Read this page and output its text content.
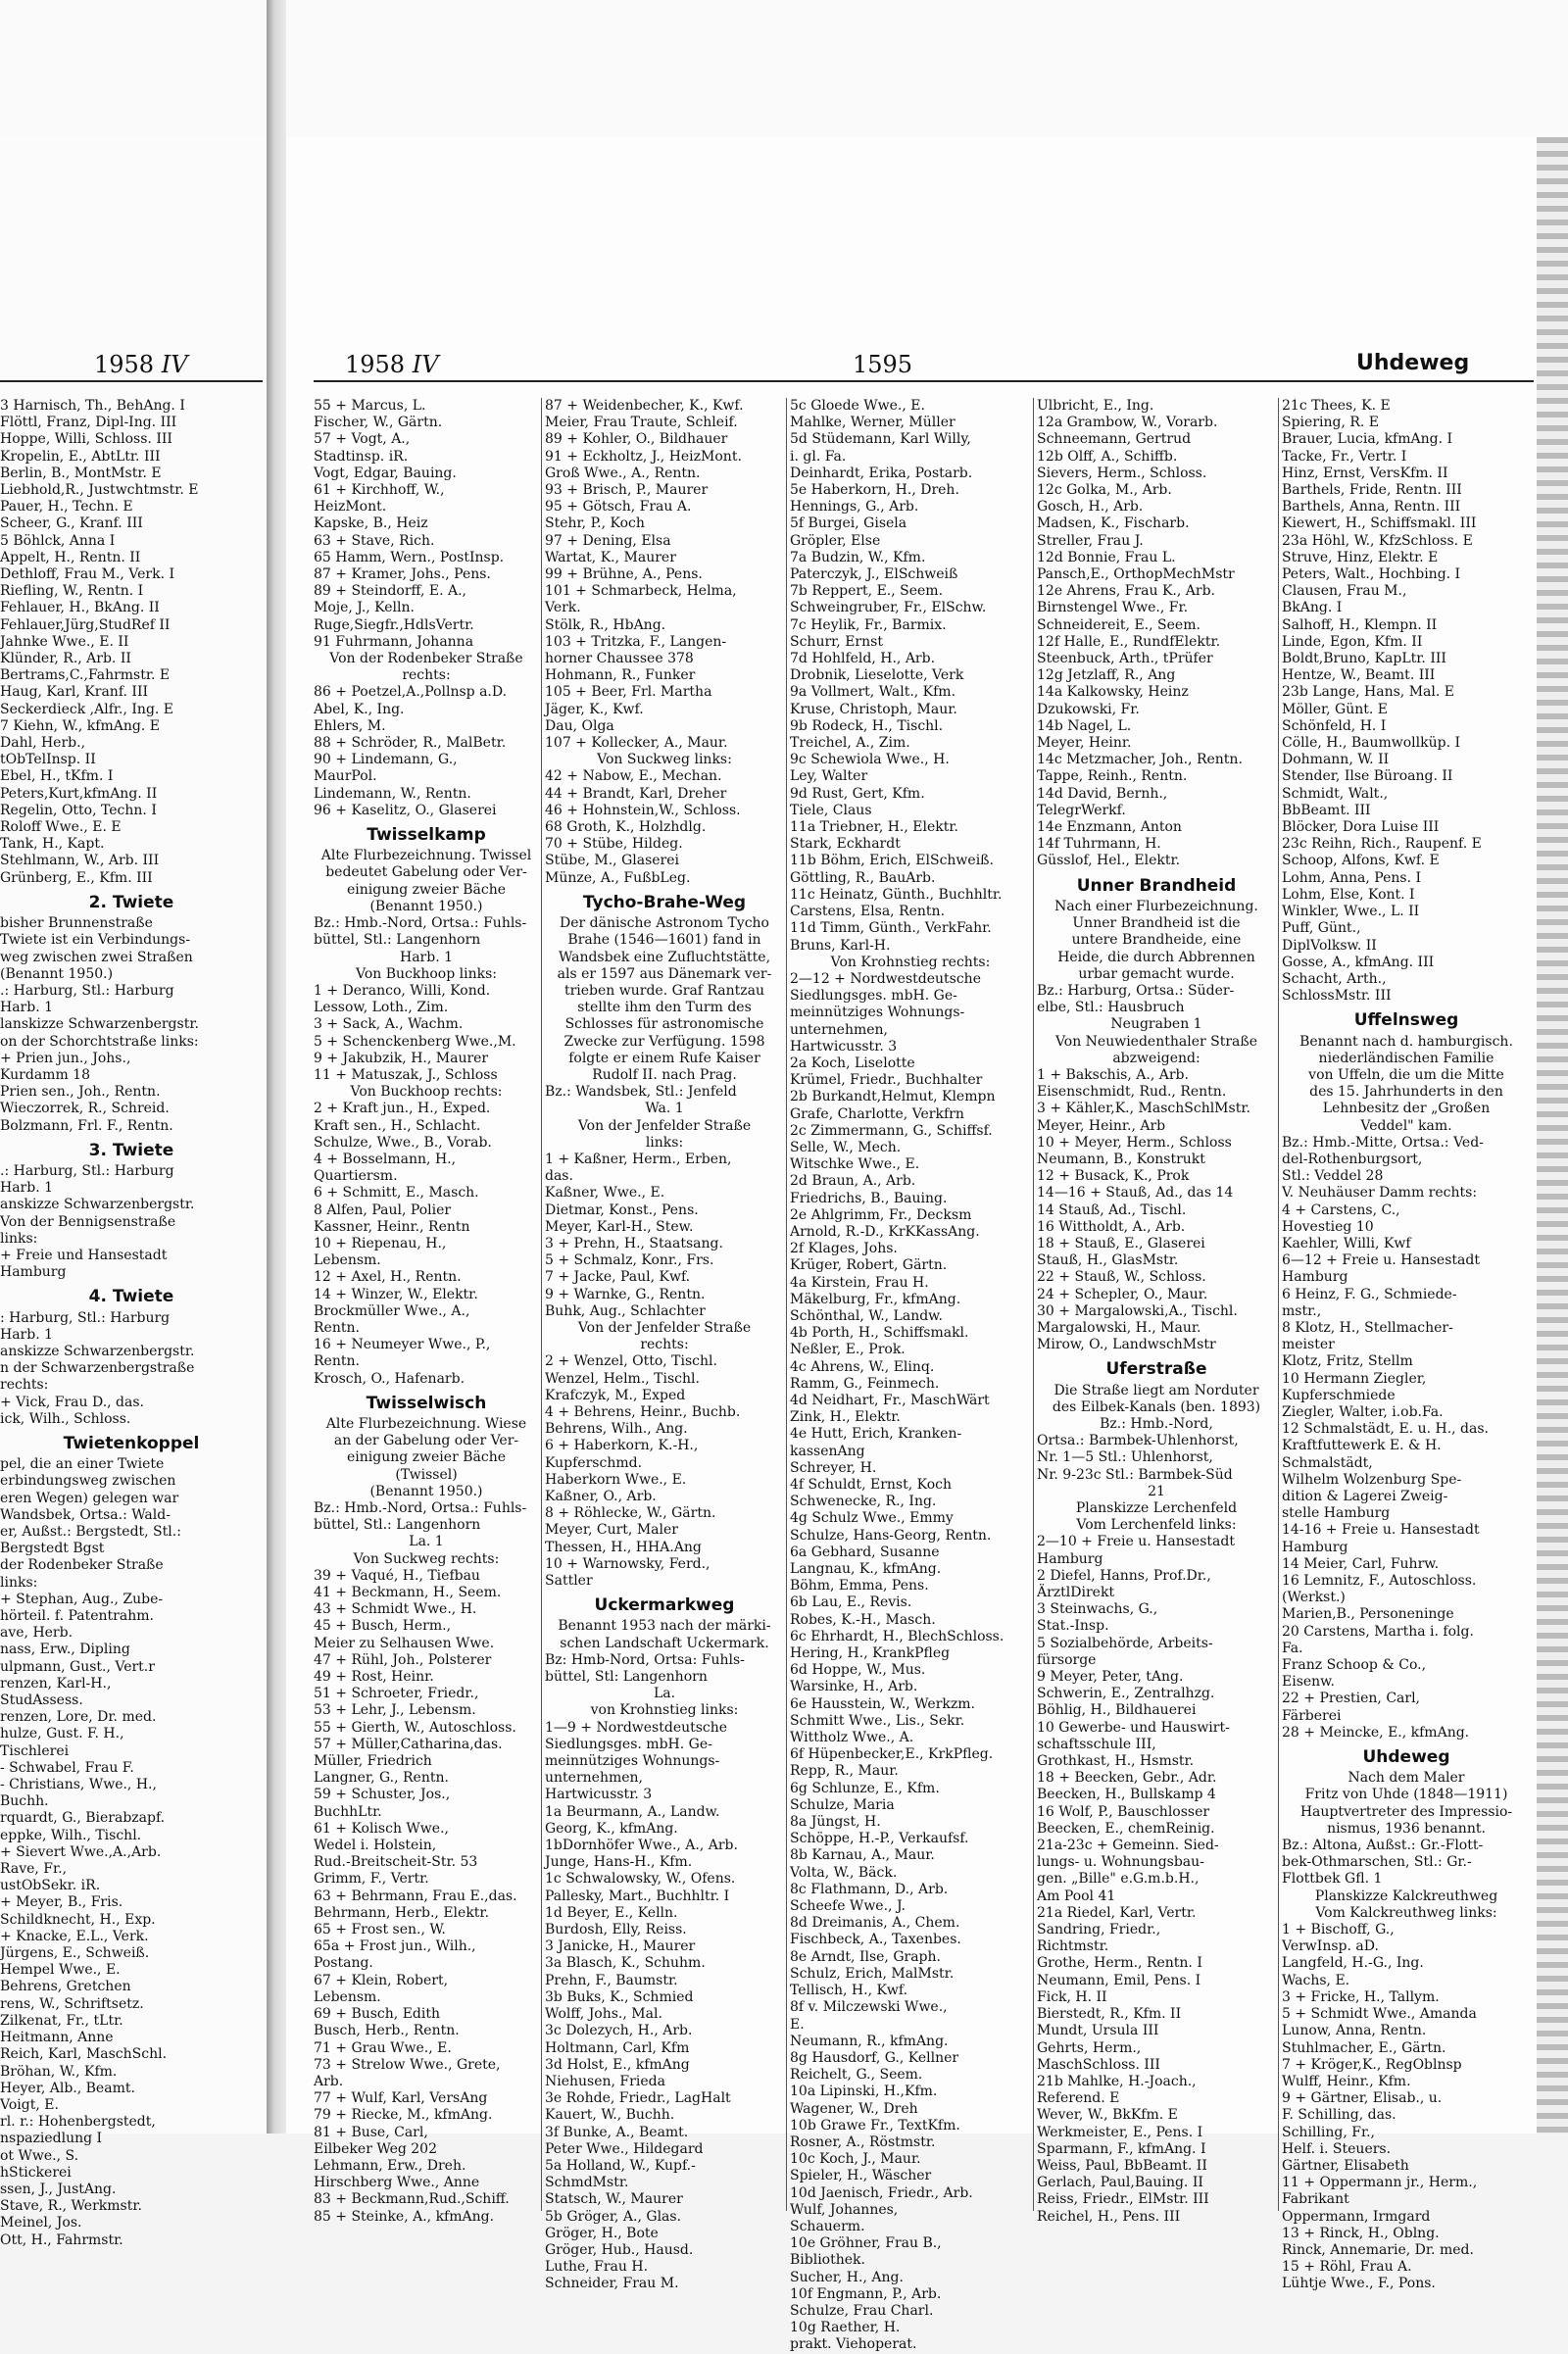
1958 IV

3 Harnisch, Th., BehAng. I

Flöttl, Franz, Dipl-Ing. III

Hoppe, Willi, Schloss. III

Kropelin, E., AbtLtr. III

Berlin, B., MontMstr. E

Liebhold,R., Justwchtmstr. E

Pauer, H., Techn. E

Scheer, G., Kranf. III

5 Böhlck, Anna I

Appelt, H., Rentn. II

Dethloff, Frau M., Verk. I

Riefling, W., Rentn. I

Fehlauer, H., BkAng. II

Fehlauer,Jürg,StudRef II

Jahnke Wwe., E. II

Klünder, R., Arb. II

Bertrams,C.,Fahrmstr. E

Haug, Karl, Kranf. III

Seckerdieck ,Alfr., Ing. E

7 Kiehn, W., kfmAng. E

Dahl, Herb.,

tObTelInsp. II

Ebel, H., tKfm. I

Peters,Kurt,kfmAng. II

Regelin, Otto, Techn. I

Roloff Wwe., E. E

Tank, H., Kapt.

Stehlmann, W., Arb. III

Grünberg, E., Kfm. III

2. Twiete

bisher Brunnenstraße

Twiete ist ein Verbindungs-

weg zwischen zwei Straßen

(Benannt 1950.)

.: Harburg, Stl.: Harburg

Harb. 1

lanskizze Schwarzenbergstr.

on der Schorchtstraße links:

+ Prien jun., Johs.,

Kurdamm 18

Prien sen., Joh., Rentn.

Wieczorrek, R., Schreid.

Bolzmann, Frl. F., Rentn.

3. Twiete

.: Harburg, Stl.: Harburg

Harb. 1

anskizze Schwarzenbergstr.

Von der Bennigsenstraße

links:

+ Freie und Hansestadt

Hamburg

4. Twiete

: Harburg, Stl.: Harburg

Harb. 1

anskizze Schwarzenbergstr.

n der Schwarzenbergstraße

rechts:

+ Vick, Frau D., das.

ick, Wilh., Schloss.

Twietenkoppel

pel, die an einer Twiete

erbindungsweg zwischen

eren Wegen) gelegen war

Wandsbek, Ortsa.: Wald-

er, Außst.: Bergstedt, Stl.:

Bergstedt Bgst

der Rodenbeker Straße

links:

+ Stephan, Aug., Zube-

hörteil. f. Patentrahm.

ave, Herb.

nass, Erw., Dipling

ulpmann, Gust., Vert.r

renzen, Karl-H.,

StudAssess.

renzen, Lore, Dr. med.

hulze, Gust. F. H.,

Tischlerei

- Schwabel, Frau F.

- Christians, Wwe., H.,

Buchh.

rquardt, G., Bierabzapf.

eppke, Wilh., Tischl.

+ Sievert Wwe.,A.,Arb.

Rave, Fr.,

ustObSekr. iR.

+ Meyer, B., Fris.

Schildknecht, H., Exp.

+ Knacke, E.L., Verk.

Jürgens, E., Schweiß.

Hempel Wwe., E.

Behrens, Gretchen

rens, W., Schriftsetz.

Zilkenat, Fr., tLtr.

Heitmann, Anne

Reich, Karl, MaschSchl.

Bröhan, W., Kfm.

Heyer, Alb., Beamt.

Voigt, E.

rl. r.: Hohenbergstedt,

nspaziedlung I

ot Wwe., S.

hStickerei

ssen, J., JustAng.

Stave, R., Werkmstr.

Meinel, Jos.

Ott, H., Fahrmstr.

1958 IV	1595	Uhdeweg

55 + Marcus, L.

Fischer, W., Gärtn.

57 + Vogt, A.,

Stadtinsp. iR.

Vogt, Edgar, Bauing.

61 + Kirchhoff, W.,

HeizMont.

Kapske, B., Heiz

63 + Stave, Rich.

65 Hamm, Wern., PostInsp.

87 + Kramer, Johs., Pens.

89 + Steindorff, E. A.,

Moje, J., Kelln.

Ruge,Siegfr.,HdlsVertr.

91 Fuhrmann, Johanna

Von der Rodenbeker Straße

rechts:

86 + Poetzel,A.,Pollnsp a.D.

Abel, K., Ing.

Ehlers, M.

88 + Schröder, R., MalBetr.

90 + Lindemann, G.,

MaurPol.

Lindemann, W., Rentn.

96 + Kaselitz, O., Glaserei

Twisselkamp

Alte Flurbezeichnung. Twissel

bedeutet Gabelung oder Ver-

einigung zweier Bäche

(Benannt 1950.)

Bz.: Hmb.-Nord, Ortsa.: Fuhls-

büttel, Stl.: Langenhorn

Harb. 1

Von Buckhoop links:

1 + Deranco, Willi, Kond.

Lessow, Loth., Zim.

3 + Sack, A., Wachm.

5 + Schenckenberg Wwe.,M.

9 + Jakubzik, H., Maurer

11 + Matuszak, J., Schloss

Von Buckhoop rechts:

2 + Kraft jun., H., Exped.

Kraft sen., H., Schlacht.

Schulze, Wwe., B., Vorab.

4 + Bosselmann, H.,

Quartiersm.

6 + Schmitt, E., Masch.

8 Alfen, Paul, Polier

Kassner, Heinr., Rentn

10 + Riepenau, H.,

Lebensm.

12 + Axel, H., Rentn.

14 + Winzer, W., Elektr.

Brockmüller Wwe., A.,

Rentn.

16 + Neumeyer Wwe., P.,

Rentn.

Krosch, O., Hafenarb.

Twisselwisch

Alte Flurbezeichnung. Wiese

an der Gabelung oder Ver-

einigung zweier Bäche

(Twissel)

(Benannt 1950.)

Bz.: Hmb.-Nord, Ortsa.: Fuhls-

büttel, Stl.: Langenhorn

La. 1

Von Suckweg rechts:

39 + Vaqué, H., Tiefbau

41 + Beckmann, H., Seem.

43 + Schmidt Wwe., H.

45 + Busch, Herm.,

Meier zu Selhausen Wwe.

47 + Rühl, Joh., Polsterer

49 + Rost, Heinr.

51 + Schroeter, Friedr.,

53 + Lehr, J., Lebensm.

55 + Gierth, W., Autoschloss.

57 + Müller,Catharina,das.

Müller, Friedrich

Langner, G., Rentn.

59 + Schuster, Jos.,

BuchhLtr.

61 + Kolisch Wwe.,

Wedel i. Holstein,

Rud.-Breitscheit-Str. 53

Grimm, F., Vertr.

63 + Behrmann, Frau E.,das.

Behrmann, Herb., Elektr.

65 + Frost sen., W.

65a + Frost jun., Wilh.,

Postang.

67 + Klein, Robert,

Lebensm.

69 + Busch, Edith

Busch, Herb., Rentn.

71 + Grau Wwe., E.

73 + Strelow Wwe., Grete,

Arb.

77 + Wulf, Karl, VersAng

79 + Riecke, M., kfmAng.

81 + Buse, Carl,

Eilbeker Weg 202

Lehmann, Erw., Dreh.

Hirschberg Wwe., Anne

83 + Beckmann,Rud.,Schiff.

85 + Steinke, A., kfmAng.

87 + Weidenbecher, K., Kwf.

Meier, Frau Traute, Schleif.

89 + Kohler, O., Bildhauer

91 + Eckholtz, J., HeizMont.

Groß Wwe., A., Rentn.

93 + Brisch, P., Maurer

95 + Götsch, Frau A.

Stehr, P., Koch

97 + Dening, Elsa

Wartat, K., Maurer

99 + Brühne, A., Pens.

101 + Schmarbeck, Helma,

Verk.

Stölk, R., HbAng.

103 + Tritzka, F., Langen-

horner Chaussee 378

Hohmann, R., Funker

105 + Beer, Frl. Martha

Jäger, K., Kwf.

Dau, Olga

107 + Kollecker, A., Maur.

Von Suckweg links:

42 + Nabow, E., Mechan.

44 + Brandt, Karl, Dreher

46 + Hohnstein,W., Schloss.

68 Groth, K., Holzhdlg.

70 + Stübe, Hildeg.

Stübe, M., Glaserei

Münze, A., FußbLeg.

Tycho-Brahe-Weg

Der dänische Astronom Tycho

Brahe (1546—1601) fand in

Wandsbek eine Zufluchtstätte,

als er 1597 aus Dänemark ver-

trieben wurde. Graf Rantzau

stellte ihm den Turm des

Schlosses für astronomische

Zwecke zur Verfügung. 1598

folgte er einem Rufe Kaiser

Rudolf II. nach Prag.

Bz.: Wandsbek, Stl.: Jenfeld

Wa. 1

Von der Jenfelder Straße

links:

1 + Kaßner, Herm., Erben,

das.

Kaßner, Wwe., E.

Dietmar, Konst., Pens.

Meyer, Karl-H., Stew.

3 + Prehn, H., Staatsang.

5 + Schmalz, Konr., Frs.

7 + Jacke, Paul, Kwf.

9 + Warnke, G., Rentn.

Buhk, Aug., Schlachter

Von der Jenfelder Straße

rechts:

2 + Wenzel, Otto, Tischl.

Wenzel, Helm., Tischl.

Krafczyk, M., Exped

4 + Behrens, Heinr., Buchb.

Behrens, Wilh., Ang.

6 + Haberkorn, K.-H.,

Kupferschmd.

Haberkorn Wwe., E.

Kaßner, O., Arb.

8 + Röhlecke, W., Gärtn.

Meyer, Curt, Maler

Thessen, H., HHA.Ang

10 + Warnowsky, Ferd.,

Sattler

Uckermarkweg

Benannt 1953 nach der märki-

schen Landschaft Uckermark.

Bz: Hmb-Nord, Ortsa: Fuhls-

büttel, Stl: Langenhorn

La.

von Krohnstieg links:

1—9 + Nordwestdeutsche

Siedlungsges. mbH. Ge-

meinnütziges Wohnungs-

unternehmen,

Hartwicusstr. 3

1a Beurmann, A., Landw.

Georg, K., kfmAng.

1bDornhöfer Wwe., A., Arb.

Junge, Hans-H., Kfm.

1c Schwalowsky, W., Ofens.

Pallesky, Mart., Buchhltr. I

1d Beyer, E., Kelln.

Burdosh, Elly, Reiss.

3 Janicke, H., Maurer

3a Blasch, K., Schuhm.

Prehn, F., Baumstr.

3b Buks, K., Schmied

Wolff, Johs., Mal.

3c Dolezych, H., Arb.

Holtmann, Carl, Kfm

3d Holst, E., kfmAng

Niehusen, Frieda

3e Rohde, Friedr., LagHalt

Kauert, W., Buchh.

3f Bunke, A., Beamt.

Peter Wwe., Hildegard

5a Holland, W., Kupf.-

SchmdMstr.

Statsch, W., Maurer

5b Gröger, A., Glas.

Gröger, H., Bote

Gröger, Hub., Hausd.

Luthe, Frau H.

Schneider, Frau M.

5c Gloede Wwe., E.

Mahlke, Werner, Müller

5d Stüdemann, Karl Willy,

i. gl. Fa.

Deinhardt, Erika, Postarb.

5e Haberkorn, H., Dreh.

Hennings, G., Arb.

5f Burgei, Gisela

Gröpler, Else

7a Budzin, W., Kfm.

Paterczyk, J., ElSchweiß

7b Reppert, E., Seem.

Schweingruber, Fr., ElSchw.

7c Heylik, Fr., Barmix.

Schurr, Ernst

7d Hohlfeld, H., Arb.

Drobnik, Lieselotte, Verk

9a Vollmert, Walt., Kfm.

Kruse, Christoph, Maur.

9b Rodeck, H., Tischl.

Treichel, A., Zim.

9c Schewiola Wwe., H.

Ley, Walter

9d Rust, Gert, Kfm.

Tiele, Claus

11a Triebner, H., Elektr.

Stark, Eckhardt

11b Böhm, Erich, ElSchweiß.

Göttling, R., BauArb.

11c Heinatz, Günth., Buchhltr.

Carstens, Elsa, Rentn.

11d Timm, Günth., VerkFahr.

Bruns, Karl-H.

Von Krohnstieg rechts:

2—12 + Nordwestdeutsche

Siedlungsges. mbH. Ge-

meinnütziges Wohnungs-

unternehmen,

Hartwicusstr. 3

2a Koch, Liselotte

Krümel, Friedr., Buchhalter

2b Burkandt,Helmut, Klempn

Grafe, Charlotte, Verkfrn

2c Zimmermann, G., Schiffsf.

Selle, W., Mech.

Witschke Wwe., E.

2d Braun, A., Arb.

Friedrichs, B., Bauing.

2e Ahlgrimm, Fr., Decksm

Arnold, R.-D., KrKKassAng.

2f Klages, Johs.

Krüger, Robert, Gärtn.

4a Kirstein, Frau H.

Mäkelburg, Fr., kfmAng.

Schönthal, W., Landw.

4b Porth, H., Schiffsmakl.

Neßler, E., Prok.

4c Ahrens, W., Elinq.

Ramm, G., Feinmech.

4d Neidhart, Fr., MaschWärt

Zink, H., Elektr.

4e Hutt, Erich, Kranken-

kassenAng

Schreyer, H.

4f Schuldt, Ernst, Koch

Schwenecke, R., Ing.

4g Schulz Wwe., Emmy

Schulze, Hans-Georg, Rentn.

6a Gebhard, Susanne

Langnau, K., kfmAng.

Böhm, Emma, Pens.

6b Lau, E., Revis.

Robes, K.-H., Masch.

6c Ehrhardt, H., BlechSchloss.

Hering, H., KrankPfleg

6d Hoppe, W., Mus.

Warsinke, H., Arb.

6e Hausstein, W., Werkzm.

Schmitt Wwe., Lis., Sekr.

Wittholz Wwe., A.

6f Hüpenbecker,E., KrkPfleg.

Repp, R., Maur.

6g Schlunze, E., Kfm.

Schulze, Maria

8a Jüngst, H.

Schöppe, H.-P., Verkaufsf.

8b Karnau, A., Maur.

Volta, W., Bäck.

8c Flathmann, D., Arb.

Scheefe Wwe., J.

8d Dreimanis, A., Chem.

Fischbeck, A., Taxenbes.

8e Arndt, Ilse, Graph.

Schulz, Erich, MalMstr.

Tellisch, H., Kwf.

8f v. Milczewski Wwe.,

E.

Neumann, R., kfmAng.

8g Hausdorf, G., Kellner

Reichelt, G., Seem.

10a Lipinski, H.,Kfm.

Wagener, W., Dreh

10b Grawe Fr., TextKfm.

Rosner, A., Röstmstr.

10c Koch, J., Maur.

Spieler, H., Wäscher

10d Jaenisch, Friedr., Arb.

Wulf, Johannes,

Schauerm.

10e Gröhner, Frau B.,

Bibliothek.

Sucher, H., Ang.

10f Engmann, P., Arb.

Schulze, Frau Charl.

10g Raether, H.

prakt. Viehoperat.

Ulbricht, E., Ing.

12a Grambow, W., Vorarb.

Schneemann, Gertrud

12b Olff, A., Schiffb.

Sievers, Herm., Schloss.

12c Golka, M., Arb.

Gosch, H., Arb.

Madsen, K., Fischarb.

Streller, Frau J.

12d Bonnie, Frau L.

Pansch,E., OrthopMechMstr

12e Ahrens, Frau K., Arb.

Birnstengel Wwe., Fr.

Schneidereit, E., Seem.

12f Halle, E., RundfElektr.

Steenbuck, Arth., tPrüfer

12g Jetzlaff, R., Ang

14a Kalkowsky, Heinz

Dzukowski, Fr.

14b Nagel, L.

Meyer, Heinr.

14c Metzmacher, Joh., Rentn.

Tappe, Reinh., Rentn.

14d David, Bernh.,

TelegrWerkf.

14e Enzmann, Anton

14f Tuhrmann, H.

Güsslof, Hel., Elektr.

Unner Brandheid

Nach einer Flurbezeichnung.

Unner Brandheid ist die

untere Brandheide, eine

Heide, die durch Abbrennen

urbar gemacht wurde.

Bz.: Harburg, Ortsa.: Süder-

elbe, Stl.: Hausbruch

Neugraben 1

Von Neuwiedenthaler Straße

abzweigend:

1 + Bakschis, A., Arb.

Eisenschmidt, Rud., Rentn.

3 + Kähler,K., MaschSchlMstr.

Meyer, Heinr., Arb

10 + Meyer, Herm., Schloss

Neumann, B., Konstrukt

12 + Busack, K., Prok

14—16 + Stauß, Ad., das 14

14 Stauß, Ad., Tischl.

16 Wittholdt, A., Arb.

18 + Stauß, E., Glaserei

Stauß, H., GlasMstr.

22 + Stauß, W., Schloss.

24 + Schepler, O., Maur.

30 + Margalowski,A., Tischl.

Margalowski, H., Maur.

Mirow, O., LandwschMstr

Uferstraße

Die Straße liegt am Norduter

des Eilbek-Kanals (ben. 1893)

Bz.: Hmb.-Nord,

Ortsa.: Barmbek-Uhlenhorst,

Nr. 1—5 Stl.: Uhlenhorst,

Nr. 9-23c Stl.: Barmbek-Süd

21

Planskizze Lerchenfeld

Vom Lerchenfeld links:

2—10 + Freie u. Hansestadt

Hamburg

2 Diefel, Hanns, Prof.Dr.,

ÄrztlDirekt

3 Steinwachs, G.,

Stat.-Insp.

5 Sozialbehörde, Arbeits-

fürsorge

9 Meyer, Peter, tAng.

Schwerin, E., Zentralhzg.

Böhlig, H., Bildhauerei

10 Gewerbe- und Hauswirt-

schaftsschule III,

Grothkast, H., Hsmstr.

18 + Beecken, Gebr., Adr.

Beecken, H., Bullskamp 4

16 Wolf, P., Bauschlosser

Beecken, E., chemReinig.

21a-23c + Gemeinn. Sied-

lungs- u. Wohnungsbau-

gen. „Bille" e.G.m.b.H.,

Am Pool 41

21a Riedel, Karl, Vertr.

Sandring, Friedr.,

Richtmstr.

Grothe, Herm., Rentn. I

Neumann, Emil, Pens. I

Fick, H. II

Bierstedt, R., Kfm. II

Mundt, Ursula III

Gehrts, Herm.,

MaschSchloss. III

21b Mahlke, H.-Joach.,

Referend. E

Wever, W., BkKfm. E

Werkmeister, E., Pens. I

Sparmann, F., kfmAng. I

Weiss, Paul, BbBeamt. II

Gerlach, Paul,Bauing. II

Reiss, Friedr., ElMstr. III

Reichel, H., Pens. III

21c Thees, K. E

Spiering, R. E

Brauer, Lucia, kfmAng. I

Tacke, Fr., Vertr. I

Hinz, Ernst, VersKfm. II

Barthels, Fride, Rentn. III

Barthels, Anna, Rentn. III

Kiewert, H., Schiffsmakl. III

23a Höhl, W., KfzSchloss. E

Struve, Hinz, Elektr. E

Peters, Walt., Hochbing. I

Clausen, Frau M.,

BkAng. I

Salhoff, H., Klempn. II

Linde, Egon, Kfm. II

Boldt,Bruno, KapLtr. III

Hentze, W., Beamt. III

23b Lange, Hans, Mal. E

Möller, Günt. E

Schönfeld, H. I

Cölle, H., Baumwollküp. I

Dohmann, W. II

Stender, Ilse Büroang. II

Schmidt, Walt.,

BbBeamt. III

Blöcker, Dora Luise III

23c Reihn, Rich., Raupenf. E

Schoop, Alfons, Kwf. E

Lohm, Anna, Pens. I

Lohm, Else, Kont. I

Winkler, Wwe., L. II

Puff, Günt.,

DiplVolksw. II

Gosse, A., kfmAng. III

Schacht, Arth.,

SchlossMstr. III

Uffelnsweg

Benannt nach d. hamburgisch.

niederländischen Familie

von Uffeln, die um die Mitte

des 15. Jahrhunderts in den

Lehnbesitz der „Großen

Veddel" kam.

Bz.: Hmb.-Mitte, Ortsa.: Ved-

del-Rothenburgsort,

Stl.: Veddel 28

V. Neuhäuser Damm rechts:

4 + Carstens, C.,

Hovestieg 10

Kaehler, Willi, Kwf

6—12 + Freie u. Hansestadt

Hamburg

6 Heinz, F. G., Schmiede-

mstr.,

8 Klotz, H., Stellmacher-

meister

Klotz, Fritz, Stellm

10 Hermann Ziegler,

Kupferschmiede

Ziegler, Walter, i.ob.Fa.

12 Schmalstädt, E. u. H., das.

Kraftfuttewerk E. & H.

Schmalstädt,

Wilhelm Wolzenburg Spe-

dition & Lagerei Zweig-

stelle Hamburg

14-16 + Freie u. Hansestadt

Hamburg

14 Meier, Carl, Fuhrw.

16 Lemnitz, F., Autoschloss.

(Werkst.)

Marien,B., Personeninge

20 Carstens, Martha i. folg.

Fa.

Franz Schoop & Co.,

Eisenw.

22 + Prestien, Carl,

Färberei

28 + Meincke, E., kfmAng.

Uhdeweg

Nach dem Maler

Fritz von Uhde (1848—1911)

Hauptvertreter des Impressio-

nismus, 1936 benannt.

Bz.: Altona, Außst.: Gr.-Flott-

bek-Othmarschen, Stl.: Gr.-

Flottbek Gfl. 1

Planskizze Kalckreuthweg

Vom Kalckreuthweg links:

1 + Bischoff, G.,

VerwInsp. aD.

Langfeld, H.-G., Ing.

Wachs, E.

3 + Fricke, H., Tallym.

5 + Schmidt Wwe., Amanda

Lunow, Anna, Rentn.

Stuhlmacher, E., Gärtn.

7 + Kröger,K., RegOblnsp

Wulff, Heinr., Kfm.

9 + Gärtner, Elisab., u.

F. Schilling, das.

Schilling, Fr.,

Helf. i. Steuers.

Gärtner, Elisabeth

11 + Oppermann jr., Herm.,

Fabrikant

Oppermann, Irmgard

13 + Rinck, H., Oblng.

Rinck, Annemarie, Dr. med.

15 + Röhl, Frau A.

Lühtje Wwe., F., Pons.
